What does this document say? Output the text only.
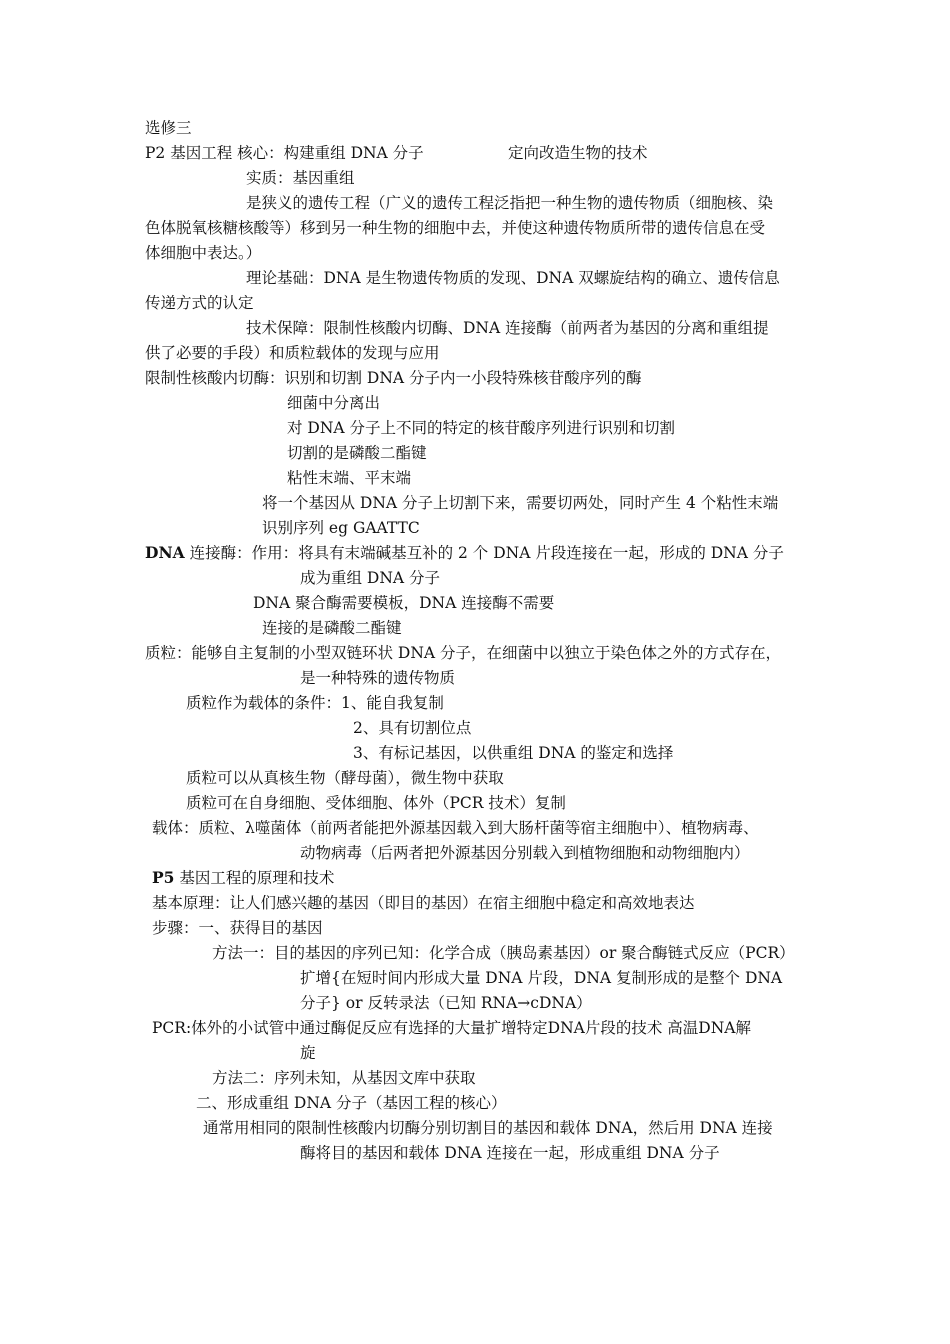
选修三
P2 基因工程 核心：构建重组 DNA 分子	定向改造生物的技术
实质：基因重组
是狭义的遗传工程（广义的遗传工程泛指把一种生物的遗传物质（细胞核、染
色体脱氧核糖核酸等）移到另一种生物的细胞中去，并使这种遗传物质所带的遗传信息在受
体细胞中表达。）
理论基础：DNA 是生物遗传物质的发现、DNA 双螺旋结构的确立、遗传信息
传递方式的认定
技术保障：限制性核酸内切酶、DNA 连接酶（前两者为基因的分离和重组提
供了必要的手段）和质粒载体的发现与应用
限制性核酸内切酶：识别和切割 DNA 分子内一小段特殊核苷酸序列的酶
细菌中分离出
对 DNA 分子上不同的特定的核苷酸序列进行识别和切割
切割的是磷酸二酯键
粘性末端、平末端
将一个基因从 DNA 分子上切割下来，需要切两处，同时产生 4 个粘性末端
识别序列 eg GAATTC
DNA 连接酶：作用：将具有末端碱基互补的 2 个 DNA 片段连接在一起，形成的 DNA 分子
成为重组 DNA 分子
DNA 聚合酶需要模板，DNA 连接酶不需要
连接的是磷酸二酯键
质粒：能够自主复制的小型双链环状 DNA 分子，在细菌中以独立于染色体之外的方式存在，
是一种特殊的遗传物质
质粒作为载体的条件：1、能自我复制
2、具有切割位点
3、有标记基因，以供重组 DNA 的鉴定和选择
质粒可以从真核生物（酵母菌），微生物中获取
质粒可在自身细胞、受体细胞、体外（PCR 技术）复制
载体：质粒、λ噬菌体（前两者能把外源基因载入到大肠杆菌等宿主细胞中）、植物病毒、
动物病毒（后两者把外源基因分别载入到植物细胞和动物细胞内）
P5 基因工程的原理和技术
基本原理：让人们感兴趣的基因（即目的基因）在宿主细胞中稳定和高效地表达
步骤：一、获得目的基因
方法一：目的基因的序列已知：化学合成（胰岛素基因）or 聚合酶链式反应（PCR）
扩增{在短时间内形成大量 DNA 片段，DNA 复制形成的是整个 DNA
分子} or 反转录法（已知 RNA→cDNA）
PCR:体外的小试管中通过酶促反应有选择的大量扩增特定DNA片段的技术 高温DNA解
旋
方法二：序列未知，从基因文库中获取
二、形成重组 DNA 分子（基因工程的核心）
通常用相同的限制性核酸内切酶分别切割目的基因和载体 DNA，然后用 DNA 连接
酶将目的基因和载体 DNA 连接在一起，形成重组 DNA 分子
